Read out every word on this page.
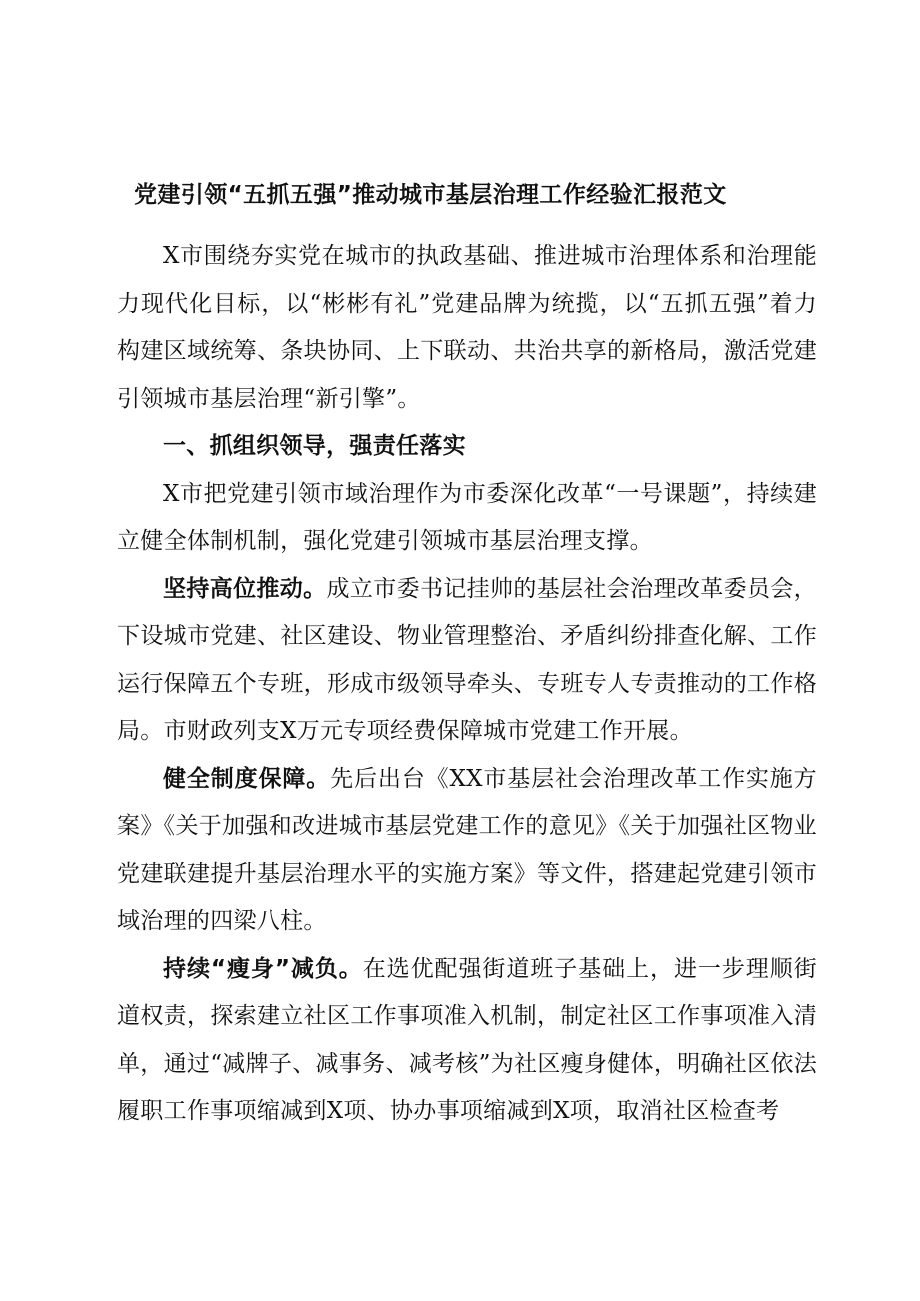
党建引领“五抓五强”推动城市基层治理工作经验汇报范文

X市围绕夯实党在城市的执政基础、推进城市治理体系和治理能力现代化目标，以“彬彬有礼”党建品牌为统揽，以“五抓五强”着力构建区域统筹、条块协同、上下联动、共治共享的新格局，激活党建引领城市基层治理“新引擎”。

一、抓组织领导，强责任落实

X市把党建引领市域治理作为市委深化改革“一号课题”，持续建立健全体制机制，强化党建引领城市基层治理支撑。

坚持高位推动。成立市委书记挂帅的基层社会治理改革委员会，下设城市党建、社区建设、物业管理整治、矛盾纠纷排查化解、工作运行保障五个专班，形成市级领导牵头、专班专人专责推动的工作格局。市财政列支X万元专项经费保障城市党建工作开展。

健全制度保障。先后出台《XX市基层社会治理改革工作实施方案》《关于加强和改进城市基层党建工作的意见》《关于加强社区物业党建联建提升基层治理水平的实施方案》等文件，搭建起党建引领市域治理的四梁八柱。

持续“瘦身”减负。在选优配强街道班子基础上，进一步理顺街道权责，探索建立社区工作事项准入机制，制定社区工作事项准入清单，通过“减牌子、减事务、减考核”为社区瘦身健体，明确社区依法履职工作事项缩减到X项、协办事项缩减到X项，取消社区检查考
